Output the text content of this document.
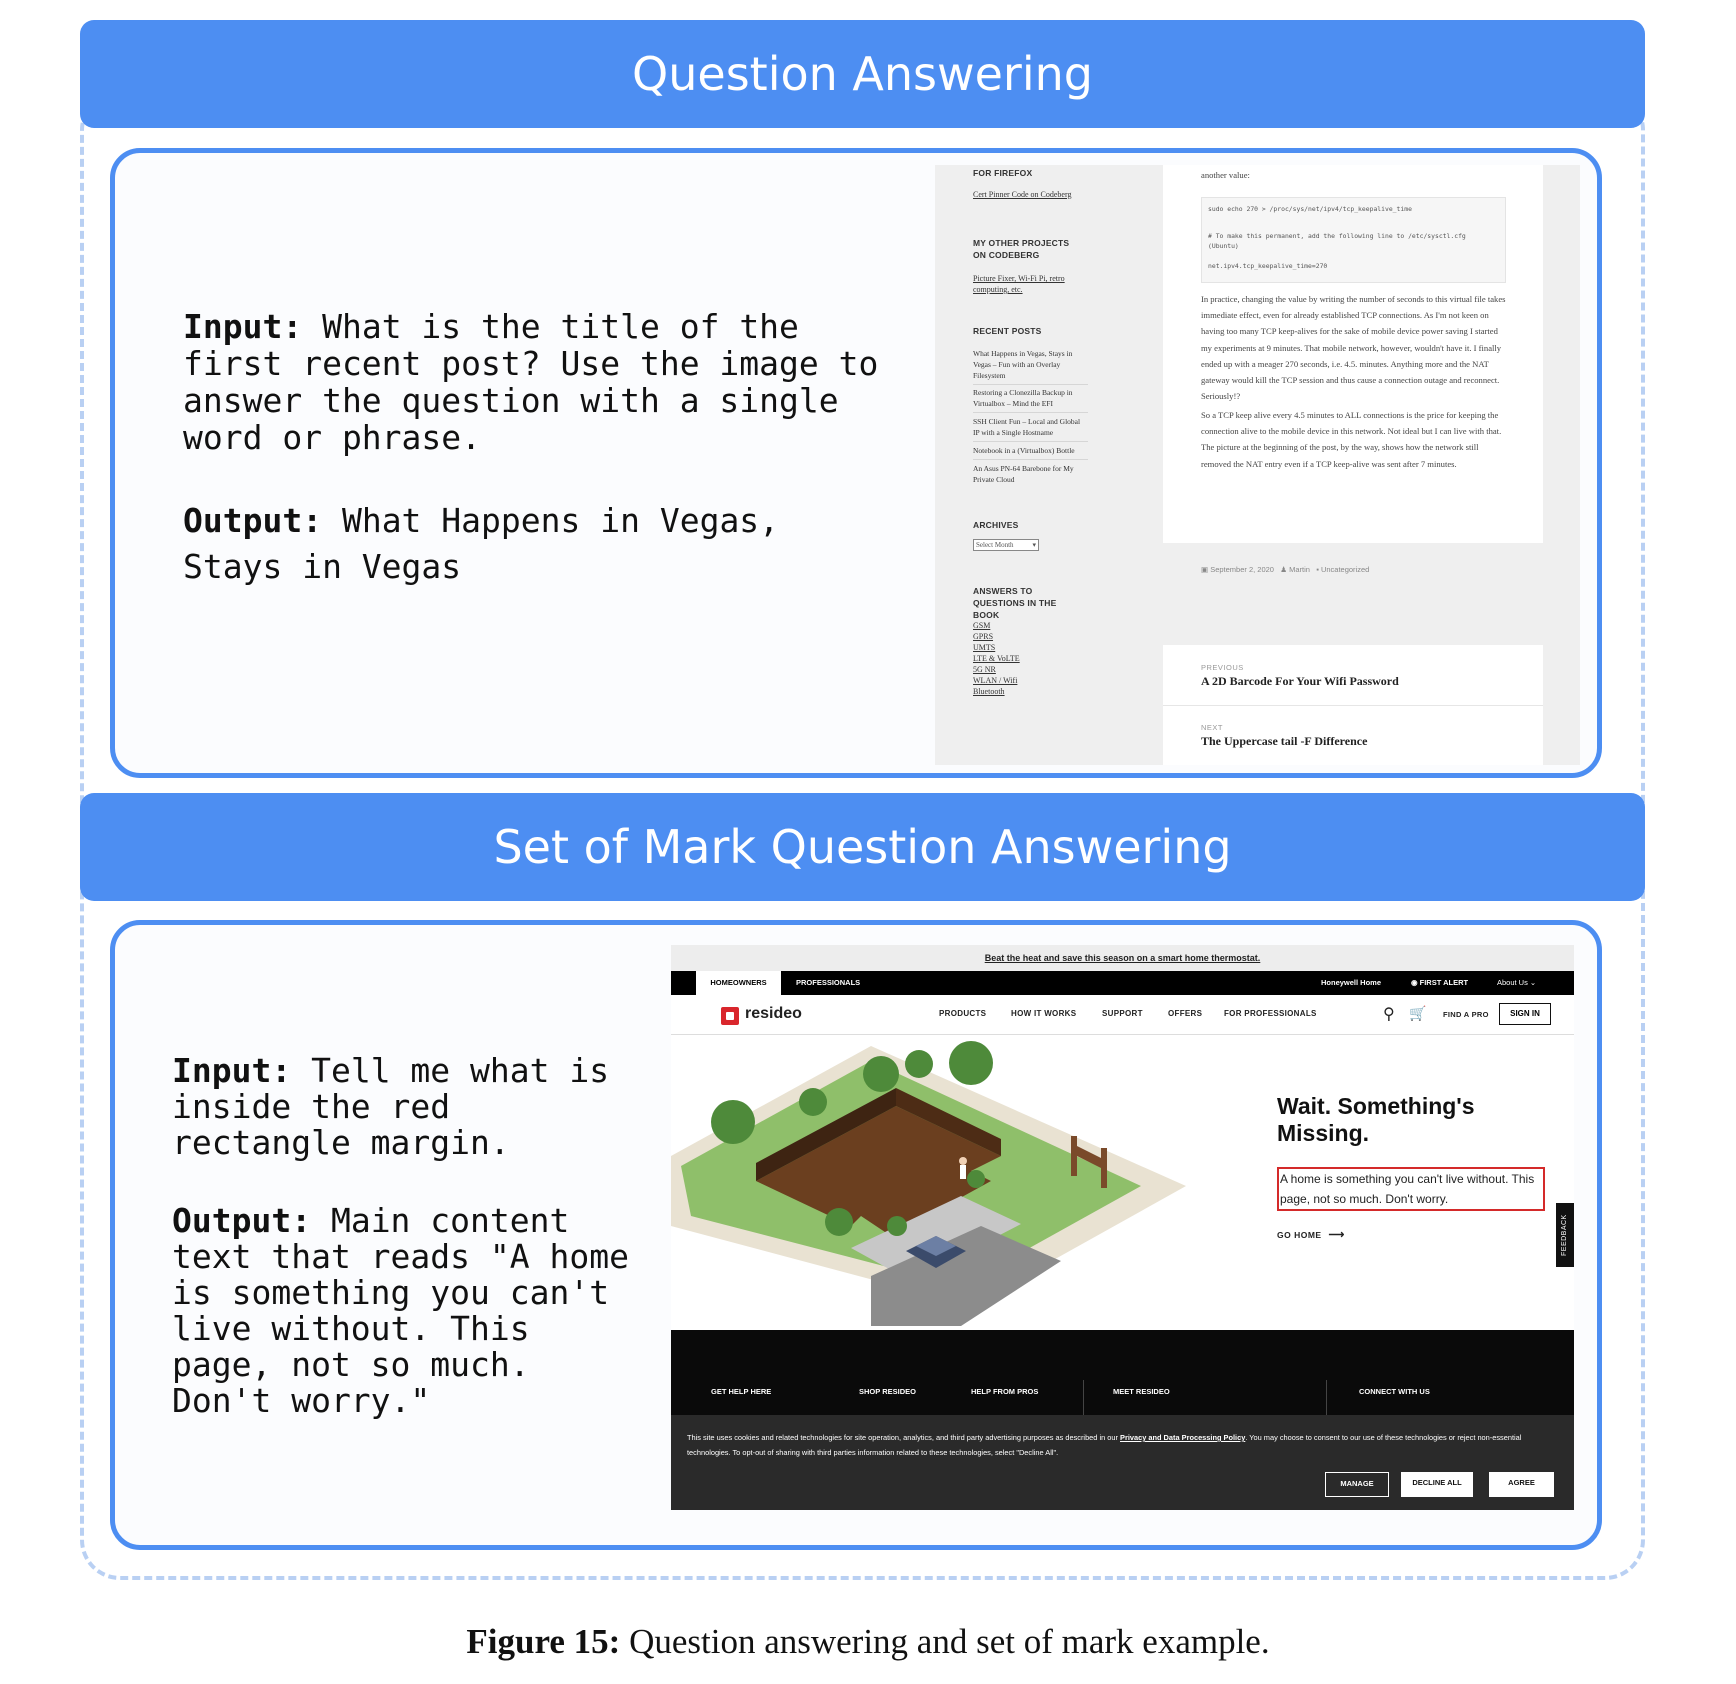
Question Answering
Input: What is the title of the first recent post? Use the image to answer the question with a single word or phrase.
Output: What Happens in Vegas, Stays in Vegas
FOR FIREFOX
Cert Pinner Code on Codeberg
MY OTHER PROJECTS ON CODEBERG
Picture Fixer, Wi-Fi Pi, retro computing, etc.
RECENT POSTS
What Happens in Vegas, Stays in Vegas – Fun with an Overlay Filesystem
Restoring a Clonezilla Backup in Virtualbox – Mind the EFI
SSH Client Fun – Local and Global IP with a Single Hostname
Notebook in a (Virtualbox) Bottle
An Asus PN-64 Barebone for My Private Cloud
ARCHIVES
Select Month	▾
ANSWERS TO QUESTIONS IN THE BOOK
GSM
GPRS
UMTS
LTE & VoLTE
5G NR
WLAN / Wifi
Bluetooth
another value:
sudo echo 270 > /proc/sys/net/ipv4/tcp_keepalive_time
# To make this permanent, add the following line to /etc/sysctl.cfg (Ubuntu)
net.ipv4.tcp_keepalive_time=270
In practice, changing the value by writing the number of seconds to this virtual file takes immediate effect, even for already established TCP connections. As I'm not keen on having too many TCP keep-alives for the sake of mobile device power saving I started my experiments at 9 minutes. That mobile network, however, wouldn't have it. I finally ended up with a meager 270 seconds, i.e. 4.5. minutes. Anything more and the NAT gateway would kill the TCP session and thus cause a connection outage and reconnect. Seriously!?
So a TCP keep alive every 4.5 minutes to ALL connections is the price for keeping the connection alive to the mobile device in this network. Not ideal but I can live with that. The picture at the beginning of the post, by the way, shows how the network still removed the NAT entry even if a TCP keep-alive was sent after 7 minutes.
▣ September 2, 2020 ♟ Martin ▪ Uncategorized
PREVIOUS
A 2D Barcode For Your Wifi Password
NEXT
The Uppercase tail -F Difference
Set of Mark Question Answering
Input: Tell me what is inside the red rectangle margin.
Output: Main content text that reads "A home is something you can't live without. This page, not so much. Don't worry."
Beat the heat and save this season on a smart home thermostat.
HOMEOWNERS	PROFESSIONALS	Honeywell Home	◉ FIRST ALERT	About Us ⌄
resideo	PRODUCTS	HOW IT WORKS	SUPPORT	OFFERS	FOR PROFESSIONALS	⚲ 🛒 FIND A PRO	SIGN IN
Wait. Something's Missing.
A home is something you can't live without. This page, not so much. Don't worry.
GO HOME ⟶	FEEDBACK
GET HELP HERE	SHOP RESIDEO	HELP FROM PROS	MEET RESIDEO	CONNECT WITH US
This site uses cookies and related technologies for site operation, analytics, and third party advertising purposes as described in our Privacy and Data Processing Policy. You may choose to consent to our use of these technologies or reject non-essential technologies. To opt-out of sharing with third parties information related to these technologies, select "Decline All".
MANAGE	DECLINE ALL	AGREE
Figure 15: Question answering and set of mark example.
